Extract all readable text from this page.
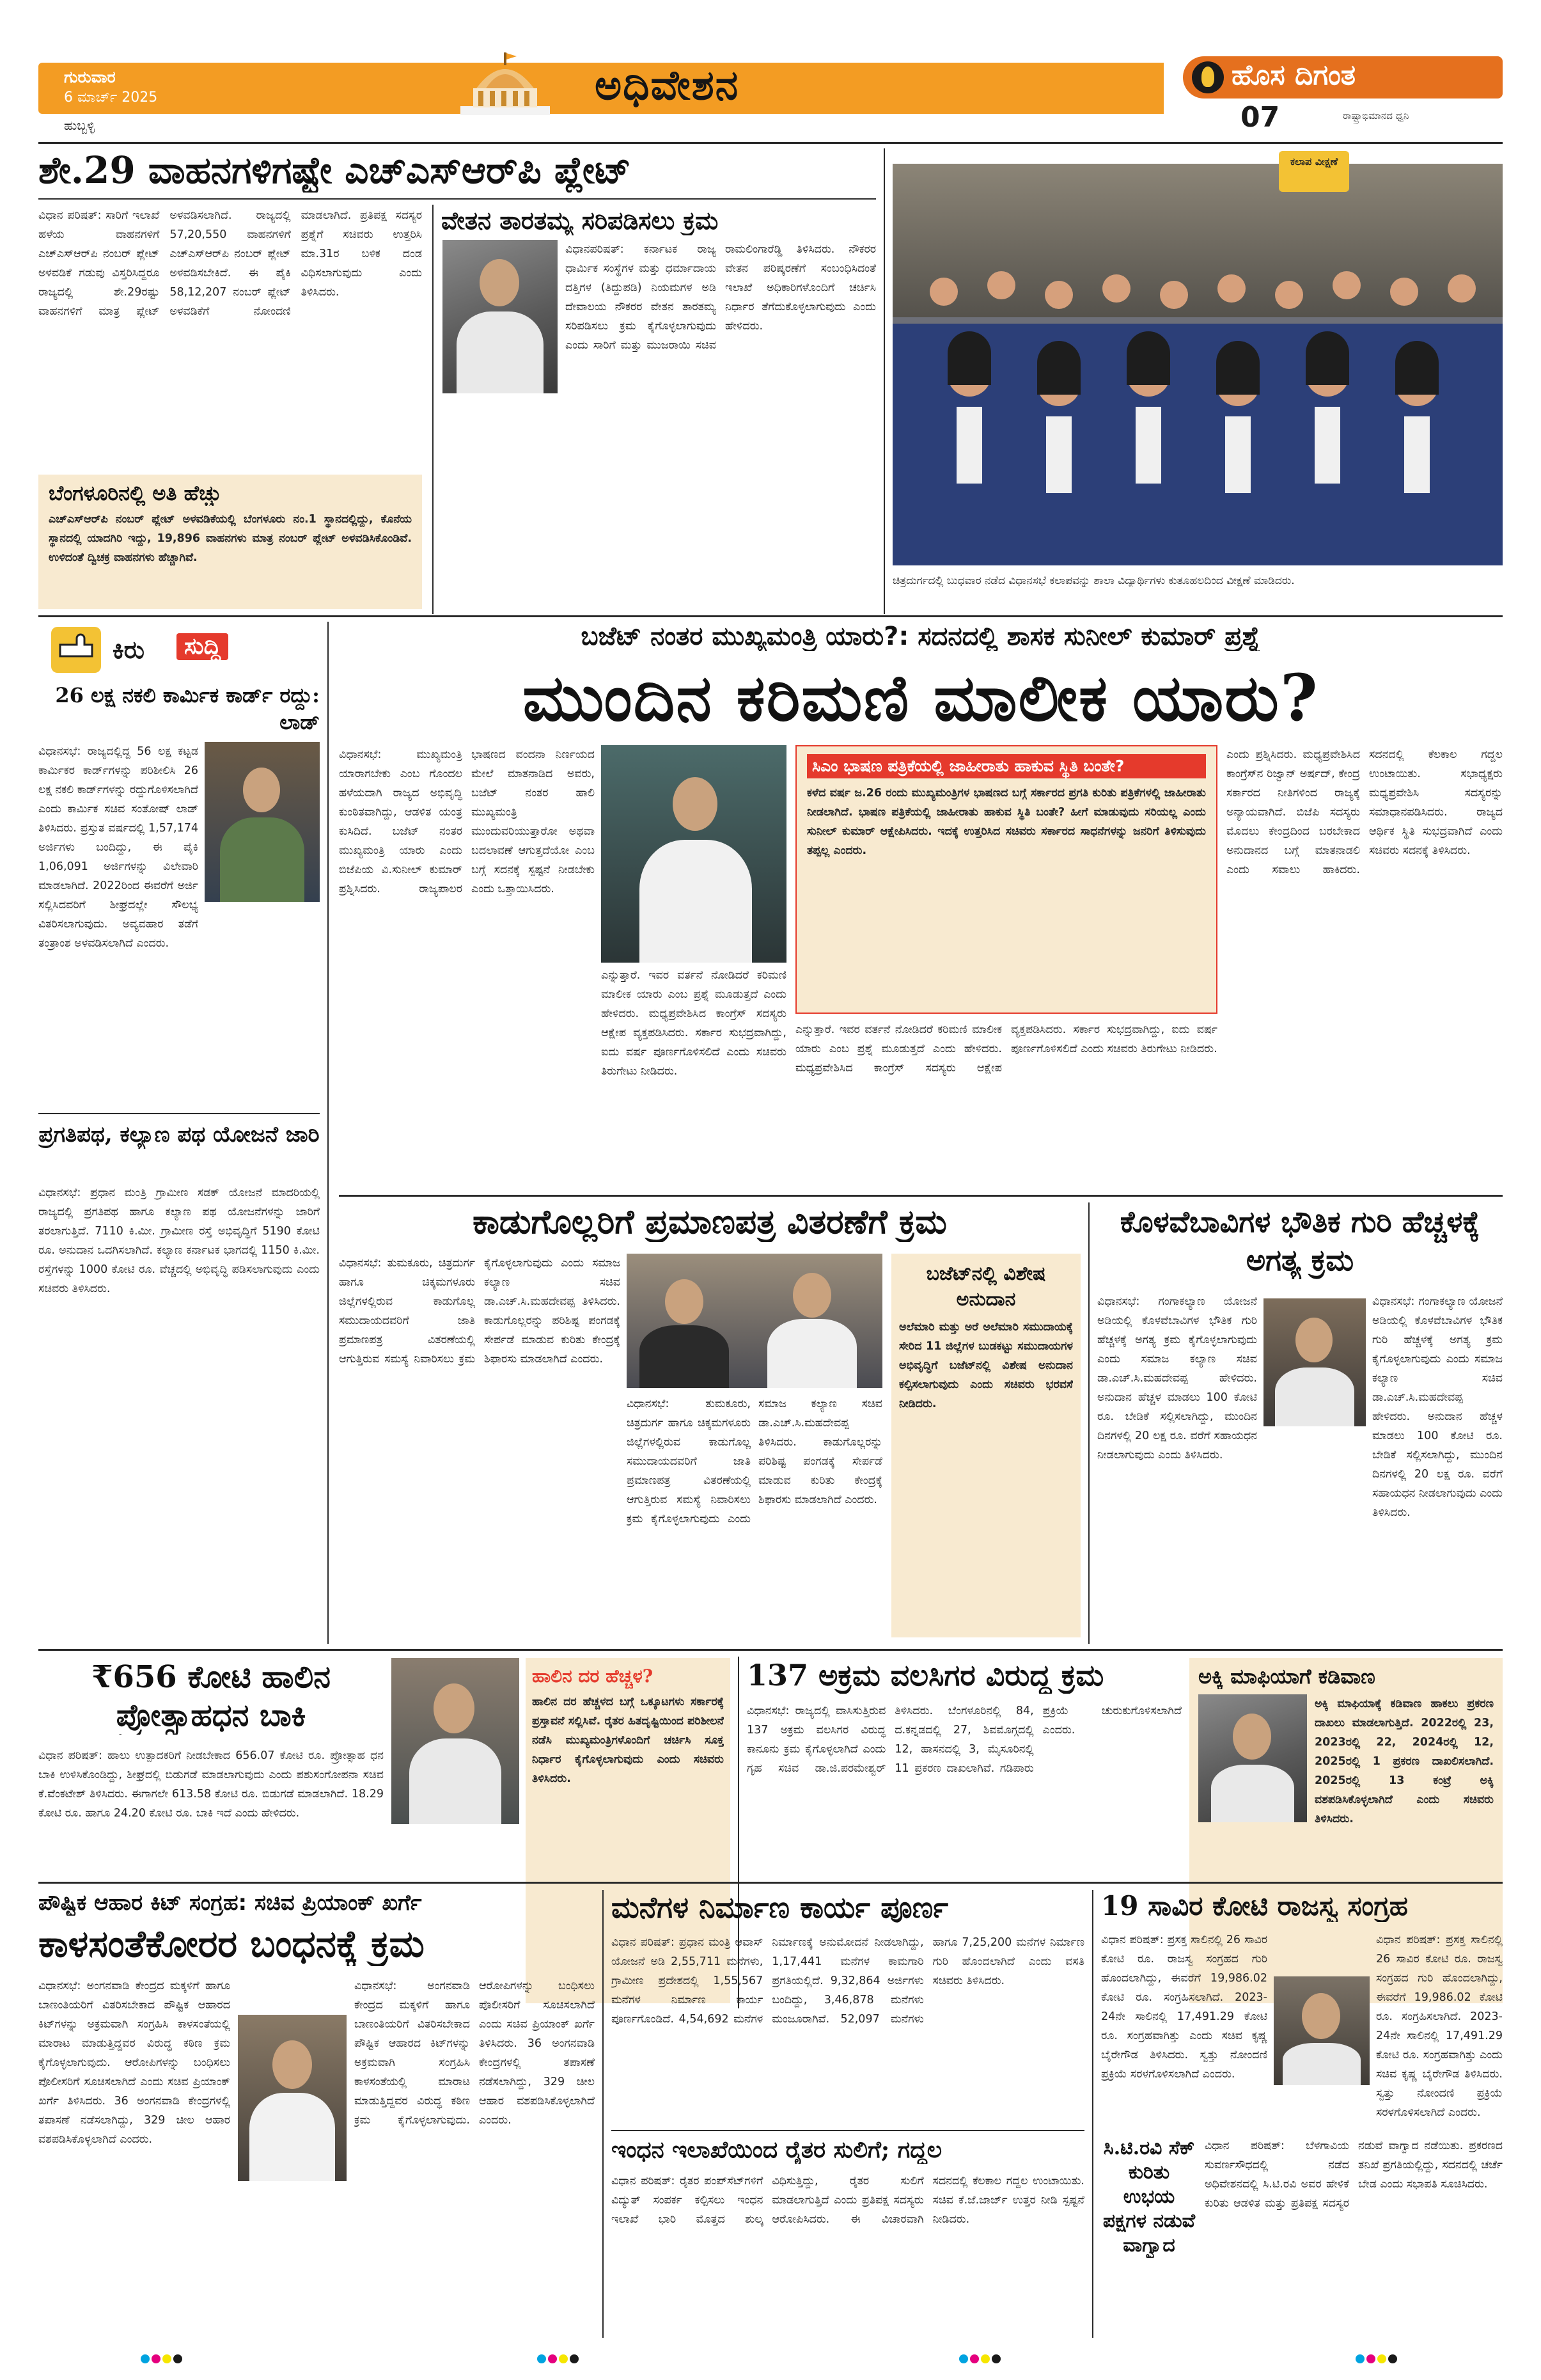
ಗುರುವಾರ
6 ಮಾರ್ಚ್ 2025
ಹುಬ್ಬಳ್ಳಿ
ಅಧಿವೇಶನ	ಹೊಸ ದಿಗಂತ
07	ರಾಷ್ಟ್ರಾಭಿಮಾನದ ಧ್ವನಿ
ಶೇ.29 ವಾಹನಗಳಿಗಷ್ಟೇ ಎಚ್‌ಎಸ್‌ಆರ್‌ಪಿ ಪ್ಲೇಟ್

ವಿಧಾನ ಪರಿಷತ್: ಸಾರಿಗೆ ಇಲಾಖೆ ಹಳೆಯ ವಾಹನಗಳಿಗೆ ಎಚ್‌ಎಸ್‌ಆರ್‌ಪಿ ನಂಬರ್ ಪ್ಲೇಟ್ ಅಳವಡಿಕೆ ಗಡುವು ವಿಸ್ತರಿಸಿದ್ದರೂ ರಾಜ್ಯದಲ್ಲಿ ಶೇ.29ರಷ್ಟು ವಾಹನಗಳಿಗೆ ಮಾತ್ರ ಪ್ಲೇಟ್ ಅಳವಡಿಸಲಾಗಿದೆ. ರಾಜ್ಯದಲ್ಲಿ 57,20,550 ವಾಹನಗಳಿಗೆ ಎಚ್‌ಎಸ್‌ಆರ್‌ಪಿ ನಂಬರ್ ಪ್ಲೇಟ್ ಅಳವಡಿಸಬೇಕಿದೆ. ಈ ಪೈಕಿ 58,12,207 ನಂಬರ್ ಪ್ಲೇಟ್ ಅಳವಡಿಕೆಗೆ ನೋಂದಣಿ ಮಾಡಲಾಗಿದೆ. ಪ್ರತಿಪಕ್ಷ ಸದಸ್ಯರ ಪ್ರಶ್ನೆಗೆ ಸಚಿವರು ಉತ್ತರಿಸಿ ಮಾ.31ರ ಬಳಿಕ ದಂಡ ವಿಧಿಸಲಾಗುವುದು ಎಂದು ತಿಳಿಸಿದರು.

ಬೆಂಗಳೂರಿನಲ್ಲಿ ಅತಿ ಹೆಚ್ಚು

ಎಚ್‌ಎಸ್‌ಆರ್‌ಪಿ ನಂಬರ್ ಪ್ಲೇಟ್ ಅಳವಡಿಕೆಯಲ್ಲಿ ಬೆಂಗಳೂರು ನಂ.1 ಸ್ಥಾನದಲ್ಲಿದ್ದು, ಕೊನೆಯ ಸ್ಥಾನದಲ್ಲಿ ಯಾದಗಿರಿ ಇದ್ದು, 19,896 ವಾಹನಗಳು ಮಾತ್ರ ನಂಬರ್ ಪ್ಲೇಟ್ ಅಳವಡಿಸಿಕೊಂಡಿವೆ. ಉಳಿದಂತೆ ದ್ವಿಚಕ್ರ ವಾಹನಗಳು ಹೆಚ್ಚಾಗಿವೆ.

ವೇತನ ತಾರತಮ್ಯ ಸರಿಪಡಿಸಲು ಕ್ರಮ

ವಿಧಾನಪರಿಷತ್: ಕರ್ನಾಟಕ ರಾಜ್ಯ ಧಾರ್ಮಿಕ ಸಂಸ್ಥೆಗಳ ಮತ್ತು ಧರ್ಮಾದಾಯ ದತ್ತಿಗಳ (ತಿದ್ದುಪಡಿ) ನಿಯಮಗಳ ಅಡಿ ದೇವಾಲಯ ನೌಕರರ ವೇತನ ತಾರತಮ್ಯ ಸರಿಪಡಿಸಲು ಕ್ರಮ ಕೈಗೊಳ್ಳಲಾಗುವುದು ಎಂದು ಸಾರಿಗೆ ಮತ್ತು ಮುಜರಾಯಿ ಸಚಿವ ರಾಮಲಿಂಗಾರೆಡ್ಡಿ ತಿಳಿಸಿದರು. ನೌಕರರ ವೇತನ ಪರಿಷ್ಕರಣೆಗೆ ಸಂಬಂಧಿಸಿದಂತೆ ಇಲಾಖೆ ಅಧಿಕಾರಿಗಳೊಂದಿಗೆ ಚರ್ಚಿಸಿ ನಿರ್ಧಾರ ತೆಗೆದುಕೊಳ್ಳಲಾಗುವುದು ಎಂದು ಹೇಳಿದರು.

ಕಲಾಪ ವೀಕ್ಷಣೆ

ಚಿತ್ರದುರ್ಗದಲ್ಲಿ ಬುಧವಾರ ನಡೆದ ವಿಧಾನಸಭೆ ಕಲಾಪವನ್ನು ಶಾಲಾ ವಿದ್ಯಾರ್ಥಿಗಳು ಕುತೂಹಲದಿಂದ ವೀಕ್ಷಣೆ ಮಾಡಿದರು.

ಕಿರು	ಸುದ್ದಿ
26 ಲಕ್ಷ ನಕಲಿ ಕಾರ್ಮಿಕ ಕಾರ್ಡ್ ರದ್ದು: ಲಾಡ್

ವಿಧಾನಸಭೆ: ರಾಜ್ಯದಲ್ಲಿದ್ದ 56 ಲಕ್ಷ ಕಟ್ಟಡ ಕಾರ್ಮಿಕರ ಕಾರ್ಡ್‌ಗಳನ್ನು ಪರಿಶೀಲಿಸಿ 26 ಲಕ್ಷ ನಕಲಿ ಕಾರ್ಡ್‌ಗಳನ್ನು ರದ್ದುಗೊಳಿಸಲಾಗಿದೆ ಎಂದು ಕಾರ್ಮಿಕ ಸಚಿವ ಸಂತೋಷ್ ಲಾಡ್ ತಿಳಿಸಿದರು. ಪ್ರಸ್ತುತ ವರ್ಷದಲ್ಲಿ 1,57,174 ಅರ್ಜಿಗಳು ಬಂದಿದ್ದು, ಈ ಪೈಕಿ 1,06,091 ಅರ್ಜಿಗಳನ್ನು ವಿಲೇವಾರಿ ಮಾಡಲಾಗಿದೆ. 2022ರಿಂದ ಈವರೆಗೆ ಅರ್ಜಿ ಸಲ್ಲಿಸಿದವರಿಗೆ ಶೀಘ್ರದಲ್ಲೇ ಸೌಲಭ್ಯ ವಿತರಿಸಲಾಗುವುದು. ಅವ್ಯವಹಾರ ತಡೆಗೆ ತಂತ್ರಾಂಶ ಅಳವಡಿಸಲಾಗಿದೆ ಎಂದರು.

ಪ್ರಗತಿಪಥ, ಕಲ್ಯಾಣ ಪಥ ಯೋಜನೆ ಜಾರಿ

ವಿಧಾನಸಭೆ: ಪ್ರಧಾನ ಮಂತ್ರಿ ಗ್ರಾಮೀಣ ಸಡಕ್ ಯೋಜನೆ ಮಾದರಿಯಲ್ಲಿ ರಾಜ್ಯದಲ್ಲಿ ಪ್ರಗತಿಪಥ ಹಾಗೂ ಕಲ್ಯಾಣ ಪಥ ಯೋಜನೆಗಳನ್ನು ಜಾರಿಗೆ ತರಲಾಗುತ್ತಿದೆ. 7110 ಕಿ.ಮೀ. ಗ್ರಾಮೀಣ ರಸ್ತೆ ಅಭಿವೃದ್ಧಿಗೆ 5190 ಕೋಟಿ ರೂ. ಅನುದಾನ ಒದಗಿಸಲಾಗಿದೆ. ಕಲ್ಯಾಣ ಕರ್ನಾಟಕ ಭಾಗದಲ್ಲಿ 1150 ಕಿ.ಮೀ. ರಸ್ತೆಗಳನ್ನು 1000 ಕೋಟಿ ರೂ. ವೆಚ್ಚದಲ್ಲಿ ಅಭಿವೃದ್ಧಿ ಪಡಿಸಲಾಗುವುದು ಎಂದು ಸಚಿವರು ತಿಳಿಸಿದರು.

ಬಜೆಟ್ ನಂತರ ಮುಖ್ಯಮಂತ್ರಿ ಯಾರು?: ಸದನದಲ್ಲಿ ಶಾಸಕ ಸುನೀಲ್ ಕುಮಾರ್ ಪ್ರಶ್ನೆ
ಮುಂದಿನ ಕರಿಮಣಿ ಮಾಲೀಕ ಯಾರು?

ವಿಧಾನಸಭೆ: ಮುಖ್ಯಮಂತ್ರಿ ಯಾರಾಗಬೇಕು ಎಂಬ ಗೊಂದಲ ಹಳೆಯದಾಗಿ ರಾಜ್ಯದ ಅಭಿವೃದ್ಧಿ ಕುಂಠಿತವಾಗಿದ್ದು, ಆಡಳಿತ ಯಂತ್ರ ಕುಸಿದಿದೆ. ಬಜೆಟ್ ನಂತರ ಮುಖ್ಯಮಂತ್ರಿ ಯಾರು ಎಂದು ಬಿಜೆಪಿಯ ವಿ.ಸುನೀಲ್ ಕುಮಾರ್ ಪ್ರಶ್ನಿಸಿದರು. ರಾಜ್ಯಪಾಲರ ಭಾಷಣದ ವಂದನಾ ನಿರ್ಣಯದ ಮೇಲೆ ಮಾತನಾಡಿದ ಅವರು, ಬಜೆಟ್ ನಂತರ ಹಾಲಿ ಮುಖ್ಯಮಂತ್ರಿ ಮುಂದುವರಿಯುತ್ತಾರೋ ಅಥವಾ ಬದಲಾವಣೆ ಆಗುತ್ತದೆಯೋ ಎಂಬ ಬಗ್ಗೆ ಸದನಕ್ಕೆ ಸ್ಪಷ್ಟನೆ ನೀಡಬೇಕು ಎಂದು ಒತ್ತಾಯಿಸಿದರು.

ಎನ್ನುತ್ತಾರೆ. ಇವರ ವರ್ತನೆ ನೋಡಿದರೆ ಕರಿಮಣಿ ಮಾಲೀಕ ಯಾರು ಎಂಬ ಪ್ರಶ್ನೆ ಮೂಡುತ್ತದೆ ಎಂದು ಹೇಳಿದರು. ಮಧ್ಯಪ್ರವೇಶಿಸಿದ ಕಾಂಗ್ರೆಸ್ ಸದಸ್ಯರು ಆಕ್ಷೇಪ ವ್ಯಕ್ತಪಡಿಸಿದರು. ಸರ್ಕಾರ ಸುಭದ್ರವಾಗಿದ್ದು, ಐದು ವರ್ಷ ಪೂರ್ಣಗೊಳಿಸಲಿದೆ ಎಂದು ಸಚಿವರು ತಿರುಗೇಟು ನೀಡಿದರು.

ಸಿಎಂ ಭಾಷಣ ಪತ್ರಿಕೆಯಲ್ಲಿ ಜಾಹೀರಾತು ಹಾಕುವ ಸ್ಥಿತಿ ಬಂತೇ?

ಕಳೆದ ವರ್ಷ ಜ.26 ರಂದು ಮುಖ್ಯಮಂತ್ರಿಗಳ ಭಾಷಣದ ಬಗ್ಗೆ ಸರ್ಕಾರದ ಪ್ರಗತಿ ಕುರಿತು ಪತ್ರಿಕೆಗಳಲ್ಲಿ ಜಾಹೀರಾತು ನೀಡಲಾಗಿದೆ. ಭಾಷಣ ಪತ್ರಿಕೆಯಲ್ಲಿ ಜಾಹೀರಾತು ಹಾಕುವ ಸ್ಥಿತಿ ಬಂತೇ? ಹೀಗೆ ಮಾಡುವುದು ಸರಿಯಲ್ಲ ಎಂದು ಸುನೀಲ್ ಕುಮಾರ್ ಆಕ್ಷೇಪಿಸಿದರು. ಇದಕ್ಕೆ ಉತ್ತರಿಸಿದ ಸಚಿವರು ಸರ್ಕಾರದ ಸಾಧನೆಗಳನ್ನು ಜನರಿಗೆ ತಿಳಿಸುವುದು ತಪ್ಪಲ್ಲ ಎಂದರು.

ಎನ್ನುತ್ತಾರೆ. ಇವರ ವರ್ತನೆ ನೋಡಿದರೆ ಕರಿಮಣಿ ಮಾಲೀಕ ಯಾರು ಎಂಬ ಪ್ರಶ್ನೆ ಮೂಡುತ್ತದೆ ಎಂದು ಹೇಳಿದರು. ಮಧ್ಯಪ್ರವೇಶಿಸಿದ ಕಾಂಗ್ರೆಸ್ ಸದಸ್ಯರು ಆಕ್ಷೇಪ ವ್ಯಕ್ತಪಡಿಸಿದರು. ಸರ್ಕಾರ ಸುಭದ್ರವಾಗಿದ್ದು, ಐದು ವರ್ಷ ಪೂರ್ಣಗೊಳಿಸಲಿದೆ ಎಂದು ಸಚಿವರು ತಿರುಗೇಟು ನೀಡಿದರು.

ಎಂದು ಪ್ರಶ್ನಿಸಿದರು. ಮಧ್ಯಪ್ರವೇಶಿಸಿದ ಕಾಂಗ್ರೆಸ್‌ನ ರಿಜ್ವಾನ್ ಅರ್ಷದ್, ಕೇಂದ್ರ ಸರ್ಕಾರದ ನೀತಿಗಳಿಂದ ರಾಜ್ಯಕ್ಕೆ ಅನ್ಯಾಯವಾಗಿದೆ. ಬಿಜೆಪಿ ಸದಸ್ಯರು ಮೊದಲು ಕೇಂದ್ರದಿಂದ ಬರಬೇಕಾದ ಅನುದಾನದ ಬಗ್ಗೆ ಮಾತನಾಡಲಿ ಎಂದು ಸವಾಲು ಹಾಕಿದರು. ಸದನದಲ್ಲಿ ಕೆಲಕಾಲ ಗದ್ದಲ ಉಂಟಾಯಿತು. ಸಭಾಧ್ಯಕ್ಷರು ಮಧ್ಯಪ್ರವೇಶಿಸಿ ಸದಸ್ಯರನ್ನು ಸಮಾಧಾನಪಡಿಸಿದರು. ರಾಜ್ಯದ ಆರ್ಥಿಕ ಸ್ಥಿತಿ ಸುಭದ್ರವಾಗಿದೆ ಎಂದು ಸಚಿವರು ಸದನಕ್ಕೆ ತಿಳಿಸಿದರು.

ಕಾಡುಗೊಲ್ಲರಿಗೆ ಪ್ರಮಾಣಪತ್ರ ವಿತರಣೆಗೆ ಕ್ರಮ

ವಿಧಾನಸಭೆ: ತುಮಕೂರು, ಚಿತ್ರದುರ್ಗ ಹಾಗೂ ಚಿಕ್ಕಮಗಳೂರು ಜಿಲ್ಲೆಗಳಲ್ಲಿರುವ ಕಾಡುಗೊಲ್ಲ ಸಮುದಾಯದವರಿಗೆ ಜಾತಿ ಪ್ರಮಾಣಪತ್ರ ವಿತರಣೆಯಲ್ಲಿ ಆಗುತ್ತಿರುವ ಸಮಸ್ಯೆ ನಿವಾರಿಸಲು ಕ್ರಮ ಕೈಗೊಳ್ಳಲಾಗುವುದು ಎಂದು ಸಮಾಜ ಕಲ್ಯಾಣ ಸಚಿವ ಡಾ.ಎಚ್.ಸಿ.ಮಹದೇವಪ್ಪ ತಿಳಿಸಿದರು. ಕಾಡುಗೊಲ್ಲರನ್ನು ಪರಿಶಿಷ್ಟ ಪಂಗಡಕ್ಕೆ ಸೇರ್ಪಡೆ ಮಾಡುವ ಕುರಿತು ಕೇಂದ್ರಕ್ಕೆ ಶಿಫಾರಸು ಮಾಡಲಾಗಿದೆ ಎಂದರು.

ವಿಧಾನಸಭೆ: ತುಮಕೂರು, ಚಿತ್ರದುರ್ಗ ಹಾಗೂ ಚಿಕ್ಕಮಗಳೂರು ಜಿಲ್ಲೆಗಳಲ್ಲಿರುವ ಕಾಡುಗೊಲ್ಲ ಸಮುದಾಯದವರಿಗೆ ಜಾತಿ ಪ್ರಮಾಣಪತ್ರ ವಿತರಣೆಯಲ್ಲಿ ಆಗುತ್ತಿರುವ ಸಮಸ್ಯೆ ನಿವಾರಿಸಲು ಕ್ರಮ ಕೈಗೊಳ್ಳಲಾಗುವುದು ಎಂದು ಸಮಾಜ ಕಲ್ಯಾಣ ಸಚಿವ ಡಾ.ಎಚ್.ಸಿ.ಮಹದೇವಪ್ಪ ತಿಳಿಸಿದರು. ಕಾಡುಗೊಲ್ಲರನ್ನು ಪರಿಶಿಷ್ಟ ಪಂಗಡಕ್ಕೆ ಸೇರ್ಪಡೆ ಮಾಡುವ ಕುರಿತು ಕೇಂದ್ರಕ್ಕೆ ಶಿಫಾರಸು ಮಾಡಲಾಗಿದೆ ಎಂದರು.

ಬಜೆಟ್‌ನಲ್ಲಿ ವಿಶೇಷ ಅನುದಾನ

ಅಲೆಮಾರಿ ಮತ್ತು ಅರೆ ಅಲೆಮಾರಿ ಸಮುದಾಯಕ್ಕೆ ಸೇರಿದ 11 ಜಿಲ್ಲೆಗಳ ಬುಡಕಟ್ಟು ಸಮುದಾಯಗಳ ಅಭಿವೃದ್ಧಿಗೆ ಬಜೆಟ್‌ನಲ್ಲಿ ವಿಶೇಷ ಅನುದಾನ ಕಲ್ಪಿಸಲಾಗುವುದು ಎಂದು ಸಚಿವರು ಭರವಸೆ ನೀಡಿದರು.

ಕೊಳವೆಬಾವಿಗಳ ಭೌತಿಕ ಗುರಿ ಹೆಚ್ಚಳಕ್ಕೆ ಅಗತ್ಯ ಕ್ರಮ

ವಿಧಾನಸಭೆ: ಗಂಗಾಕಲ್ಯಾಣ ಯೋಜನೆ ಅಡಿಯಲ್ಲಿ ಕೊಳವೆಬಾವಿಗಳ ಭೌತಿಕ ಗುರಿ ಹೆಚ್ಚಳಕ್ಕೆ ಅಗತ್ಯ ಕ್ರಮ ಕೈಗೊಳ್ಳಲಾಗುವುದು ಎಂದು ಸಮಾಜ ಕಲ್ಯಾಣ ಸಚಿವ ಡಾ.ಎಚ್.ಸಿ.ಮಹದೇವಪ್ಪ ಹೇಳಿದರು. ಅನುದಾನ ಹೆಚ್ಚಳ ಮಾಡಲು 100 ಕೋಟಿ ರೂ. ಬೇಡಿಕೆ ಸಲ್ಲಿಸಲಾಗಿದ್ದು, ಮುಂದಿನ ದಿನಗಳಲ್ಲಿ 20 ಲಕ್ಷ ರೂ. ವರೆಗೆ ಸಹಾಯಧನ ನೀಡಲಾಗುವುದು ಎಂದು ತಿಳಿಸಿದರು.

ವಿಧಾನಸಭೆ: ಗಂಗಾಕಲ್ಯಾಣ ಯೋಜನೆ ಅಡಿಯಲ್ಲಿ ಕೊಳವೆಬಾವಿಗಳ ಭೌತಿಕ ಗುರಿ ಹೆಚ್ಚಳಕ್ಕೆ ಅಗತ್ಯ ಕ್ರಮ ಕೈಗೊಳ್ಳಲಾಗುವುದು ಎಂದು ಸಮಾಜ ಕಲ್ಯಾಣ ಸಚಿವ ಡಾ.ಎಚ್.ಸಿ.ಮಹದೇವಪ್ಪ ಹೇಳಿದರು. ಅನುದಾನ ಹೆಚ್ಚಳ ಮಾಡಲು 100 ಕೋಟಿ ರೂ. ಬೇಡಿಕೆ ಸಲ್ಲಿಸಲಾಗಿದ್ದು, ಮುಂದಿನ ದಿನಗಳಲ್ಲಿ 20 ಲಕ್ಷ ರೂ. ವರೆಗೆ ಸಹಾಯಧನ ನೀಡಲಾಗುವುದು ಎಂದು ತಿಳಿಸಿದರು.

₹656 ಕೋಟಿ ಹಾಲಿನ ಪ್ರೋತ್ಸಾಹಧನ ಬಾಕಿ

ವಿಧಾನ ಪರಿಷತ್: ಹಾಲು ಉತ್ಪಾದಕರಿಗೆ ನೀಡಬೇಕಾದ 656.07 ಕೋಟಿ ರೂ. ಪ್ರೋತ್ಸಾಹ ಧನ ಬಾಕಿ ಉಳಿಸಿಕೊಂಡಿದ್ದು, ಶೀಘ್ರದಲ್ಲಿ ಬಿಡುಗಡೆ ಮಾಡಲಾಗುವುದು ಎಂದು ಪಶುಸಂಗೋಪನಾ ಸಚಿವ ಕೆ.ವೆಂಕಟೇಶ್ ತಿಳಿಸಿದರು. ಈಗಾಗಲೇ 613.58 ಕೋಟಿ ರೂ. ಬಿಡುಗಡೆ ಮಾಡಲಾಗಿದೆ. 18.29 ಕೋಟಿ ರೂ. ಹಾಗೂ 24.20 ಕೋಟಿ ರೂ. ಬಾಕಿ ಇದೆ ಎಂದು ಹೇಳಿದರು.

ಹಾಲಿನ ದರ ಹೆಚ್ಚಳ?

ಹಾಲಿನ ದರ ಹೆಚ್ಚಳದ ಬಗ್ಗೆ ಒಕ್ಕೂಟಗಳು ಸರ್ಕಾರಕ್ಕೆ ಪ್ರಸ್ತಾವನೆ ಸಲ್ಲಿಸಿವೆ. ರೈತರ ಹಿತದೃಷ್ಟಿಯಿಂದ ಪರಿಶೀಲನೆ ನಡೆಸಿ ಮುಖ್ಯಮಂತ್ರಿಗಳೊಂದಿಗೆ ಚರ್ಚಿಸಿ ಸೂಕ್ತ ನಿರ್ಧಾರ ಕೈಗೊಳ್ಳಲಾಗುವುದು ಎಂದು ಸಚಿವರು ತಿಳಿಸಿದರು.

137 ಅಕ್ರಮ ವಲಸಿಗರ ವಿರುದ್ಧ ಕ್ರಮ

ವಿಧಾನಸಭೆ: ರಾಜ್ಯದಲ್ಲಿ ವಾಸಿಸುತ್ತಿರುವ 137 ಅಕ್ರಮ ವಲಸಿಗರ ವಿರುದ್ಧ ಕಾನೂನು ಕ್ರಮ ಕೈಗೊಳ್ಳಲಾಗಿದೆ ಎಂದು ಗೃಹ ಸಚಿವ ಡಾ.ಜಿ.ಪರಮೇಶ್ವರ್ ತಿಳಿಸಿದರು. ಬೆಂಗಳೂರಿನಲ್ಲಿ 84, ದ.ಕನ್ನಡದಲ್ಲಿ 27, ಶಿವಮೊಗ್ಗದಲ್ಲಿ 12, ಹಾಸನದಲ್ಲಿ 3, ಮೈಸೂರಿನಲ್ಲಿ 11 ಪ್ರಕರಣ ದಾಖಲಾಗಿವೆ. ಗಡಿಪಾರು ಪ್ರಕ್ರಿಯೆ ಚುರುಕುಗೊಳಿಸಲಾಗಿದೆ ಎಂದರು.

ಅಕ್ಕಿ ಮಾಫಿಯಾಗೆ ಕಡಿವಾಣ

ಅಕ್ಕಿ ಮಾಫಿಯಾಕ್ಕೆ ಕಡಿವಾಣ ಹಾಕಲು ಪ್ರಕರಣ ದಾಖಲು ಮಾಡಲಾಗುತ್ತಿದೆ. 2022ರಲ್ಲಿ 23, 2023ರಲ್ಲಿ 22, 2024ರಲ್ಲಿ 12, 2025ರಲ್ಲಿ 1 ಪ್ರಕರಣ ದಾಖಲಿಸಲಾಗಿದೆ. 2025ರಲ್ಲಿ 13 ಕಂಟ್ರೆ ಅಕ್ಕಿ ವಶಪಡಿಸಿಕೊಳ್ಳಲಾಗಿದೆ ಎಂದು ಸಚಿವರು ತಿಳಿಸಿದರು.

ಪೌಷ್ಟಿಕ ಆಹಾರ ಕಿಟ್ ಸಂಗ್ರಹ: ಸಚಿವ ಪ್ರಿಯಾಂಕ್ ಖರ್ಗೆ
ಕಾಳಸಂತೆಕೋರರ ಬಂಧನಕ್ಕೆ ಕ್ರಮ

ವಿಧಾನಸಭೆ: ಅಂಗನವಾಡಿ ಕೇಂದ್ರದ ಮಕ್ಕಳಿಗೆ ಹಾಗೂ ಬಾಣಂತಿಯರಿಗೆ ವಿತರಿಸಬೇಕಾದ ಪೌಷ್ಟಿಕ ಆಹಾರದ ಕಿಟ್‌ಗಳನ್ನು ಅಕ್ರಮವಾಗಿ ಸಂಗ್ರಹಿಸಿ ಕಾಳಸಂತೆಯಲ್ಲಿ ಮಾರಾಟ ಮಾಡುತ್ತಿದ್ದವರ ವಿರುದ್ಧ ಕಠಿಣ ಕ್ರಮ ಕೈಗೊಳ್ಳಲಾಗುವುದು. ಆರೋಪಿಗಳನ್ನು ಬಂಧಿಸಲು ಪೊಲೀಸರಿಗೆ ಸೂಚಿಸಲಾಗಿದೆ ಎಂದು ಸಚಿವ ಪ್ರಿಯಾಂಕ್ ಖರ್ಗೆ ತಿಳಿಸಿದರು. 36 ಅಂಗನವಾಡಿ ಕೇಂದ್ರಗಳಲ್ಲಿ ತಪಾಸಣೆ ನಡೆಸಲಾಗಿದ್ದು, 329 ಚೀಲ ಆಹಾರ ವಶಪಡಿಸಿಕೊಳ್ಳಲಾಗಿದೆ ಎಂದರು.

ವಿಧಾನಸಭೆ: ಅಂಗನವಾಡಿ ಕೇಂದ್ರದ ಮಕ್ಕಳಿಗೆ ಹಾಗೂ ಬಾಣಂತಿಯರಿಗೆ ವಿತರಿಸಬೇಕಾದ ಪೌಷ್ಟಿಕ ಆಹಾರದ ಕಿಟ್‌ಗಳನ್ನು ಅಕ್ರಮವಾಗಿ ಸಂಗ್ರಹಿಸಿ ಕಾಳಸಂತೆಯಲ್ಲಿ ಮಾರಾಟ ಮಾಡುತ್ತಿದ್ದವರ ವಿರುದ್ಧ ಕಠಿಣ ಕ್ರಮ ಕೈಗೊಳ್ಳಲಾಗುವುದು. ಆರೋಪಿಗಳನ್ನು ಬಂಧಿಸಲು ಪೊಲೀಸರಿಗೆ ಸೂಚಿಸಲಾಗಿದೆ ಎಂದು ಸಚಿವ ಪ್ರಿಯಾಂಕ್ ಖರ್ಗೆ ತಿಳಿಸಿದರು. 36 ಅಂಗನವಾಡಿ ಕೇಂದ್ರಗಳಲ್ಲಿ ತಪಾಸಣೆ ನಡೆಸಲಾಗಿದ್ದು, 329 ಚೀಲ ಆಹಾರ ವಶಪಡಿಸಿಕೊಳ್ಳಲಾಗಿದೆ ಎಂದರು.

ಮನೆಗಳ ನಿರ್ಮಾಣ ಕಾರ್ಯ ಪೂರ್ಣ

ವಿಧಾನ ಪರಿಷತ್: ಪ್ರಧಾನ ಮಂತ್ರಿ ಆವಾಸ್ ಯೋಜನೆ ಅಡಿ 2,55,711 ಮನೆಗಳು, ಗ್ರಾಮೀಣ ಪ್ರದೇಶದಲ್ಲಿ 1,55,567 ಮನೆಗಳ ನಿರ್ಮಾಣ ಕಾರ್ಯ ಪೂರ್ಣಗೊಂಡಿದೆ. 4,54,692 ಮನೆಗಳ ನಿರ್ಮಾಣಕ್ಕೆ ಅನುಮೋದನೆ ನೀಡಲಾಗಿದ್ದು, 1,17,441 ಮನೆಗಳ ಕಾಮಗಾರಿ ಪ್ರಗತಿಯಲ್ಲಿದೆ. 9,32,864 ಅರ್ಜಿಗಳು ಬಂದಿದ್ದು, 3,46,878 ಮನೆಗಳು ಮಂಜೂರಾಗಿವೆ. 52,097 ಮನೆಗಳು ಹಾಗೂ 7,25,200 ಮನೆಗಳ ನಿರ್ಮಾಣ ಗುರಿ ಹೊಂದಲಾಗಿದೆ ಎಂದು ವಸತಿ ಸಚಿವರು ತಿಳಿಸಿದರು.

ಇಂಧನ ಇಲಾಖೆಯಿಂದ ರೈತರ ಸುಲಿಗೆ; ಗದ್ದಲ

ವಿಧಾನ ಪರಿಷತ್: ರೈತರ ಪಂಪ್‌ಸೆಟ್‌ಗಳಿಗೆ ವಿದ್ಯುತ್ ಸಂಪರ್ಕ ಕಲ್ಪಿಸಲು ಇಂಧನ ಇಲಾಖೆ ಭಾರಿ ಮೊತ್ತದ ಶುಲ್ಕ ವಿಧಿಸುತ್ತಿದ್ದು, ರೈತರ ಸುಲಿಗೆ ಮಾಡಲಾಗುತ್ತಿದೆ ಎಂದು ಪ್ರತಿಪಕ್ಷ ಸದಸ್ಯರು ಆರೋಪಿಸಿದರು. ಈ ವಿಚಾರವಾಗಿ ಸದನದಲ್ಲಿ ಕೆಲಕಾಲ ಗದ್ದಲ ಉಂಟಾಯಿತು. ಸಚಿವ ಕೆ.ಜೆ.ಜಾರ್ಜ್ ಉತ್ತರ ನೀಡಿ ಸ್ಪಷ್ಟನೆ ನೀಡಿದರು.

19 ಸಾವಿರ ಕೋಟಿ ರಾಜಸ್ವ ಸಂಗ್ರಹ

ವಿಧಾನ ಪರಿಷತ್: ಪ್ರಸಕ್ತ ಸಾಲಿನಲ್ಲಿ 26 ಸಾವಿರ ಕೋಟಿ ರೂ. ರಾಜಸ್ವ ಸಂಗ್ರಹದ ಗುರಿ ಹೊಂದಲಾಗಿದ್ದು, ಈವರೆಗೆ 19,986.02 ಕೋಟಿ ರೂ. ಸಂಗ್ರಹಿಸಲಾಗಿದೆ. 2023-24ನೇ ಸಾಲಿನಲ್ಲಿ 17,491.29 ಕೋಟಿ ರೂ. ಸಂಗ್ರಹವಾಗಿತ್ತು ಎಂದು ಸಚಿವ ಕೃಷ್ಣ ಬೈರೇಗೌಡ ತಿಳಿಸಿದರು. ಸ್ವತ್ತು ನೋಂದಣಿ ಪ್ರಕ್ರಿಯೆ ಸರಳಗೊಳಿಸಲಾಗಿದೆ ಎಂದರು.

ವಿಧಾನ ಪರಿಷತ್: ಪ್ರಸಕ್ತ ಸಾಲಿನಲ್ಲಿ 26 ಸಾವಿರ ಕೋಟಿ ರೂ. ರಾಜಸ್ವ ಸಂಗ್ರಹದ ಗುರಿ ಹೊಂದಲಾಗಿದ್ದು, ಈವರೆಗೆ 19,986.02 ಕೋಟಿ ರೂ. ಸಂಗ್ರಹಿಸಲಾಗಿದೆ. 2023-24ನೇ ಸಾಲಿನಲ್ಲಿ 17,491.29 ಕೋಟಿ ರೂ. ಸಂಗ್ರಹವಾಗಿತ್ತು ಎಂದು ಸಚಿವ ಕೃಷ್ಣ ಬೈರೇಗೌಡ ತಿಳಿಸಿದರು. ಸ್ವತ್ತು ನೋಂದಣಿ ಪ್ರಕ್ರಿಯೆ ಸರಳಗೊಳಿಸಲಾಗಿದೆ ಎಂದರು.

ಸಿ.ಟಿ.ರವಿ ಸೆಕ್ ಕುರಿತು ಉಭಯ ಪಕ್ಷಗಳ ನಡುವೆ ವಾಗ್ವಾದ

ವಿಧಾನ ಪರಿಷತ್: ಬೆಳಗಾವಿಯ ಸುವರ್ಣಸೌಧದಲ್ಲಿ ನಡೆದ ಅಧಿವೇಶನದಲ್ಲಿ ಸಿ.ಟಿ.ರವಿ ಅವರ ಹೇಳಿಕೆ ಕುರಿತು ಆಡಳಿತ ಮತ್ತು ಪ್ರತಿಪಕ್ಷ ಸದಸ್ಯರ ನಡುವೆ ವಾಗ್ವಾದ ನಡೆಯಿತು. ಪ್ರಕರಣದ ತನಿಖೆ ಪ್ರಗತಿಯಲ್ಲಿದ್ದು, ಸದನದಲ್ಲಿ ಚರ್ಚೆ ಬೇಡ ಎಂದು ಸಭಾಪತಿ ಸೂಚಿಸಿದರು.
